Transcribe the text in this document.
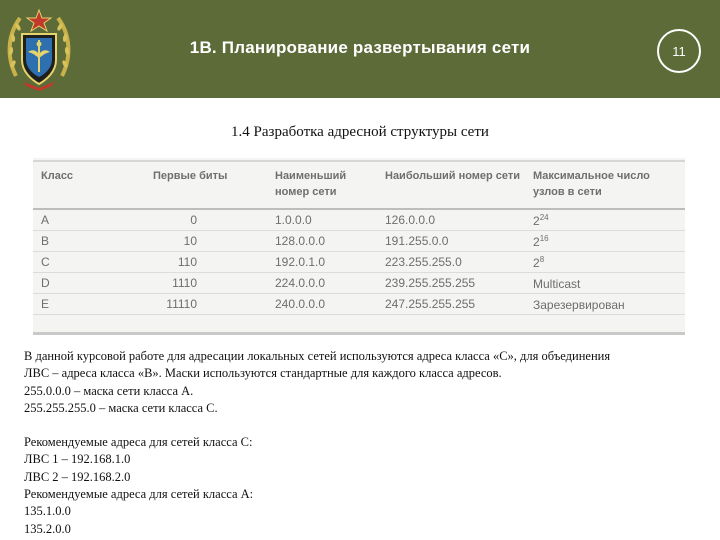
1В. Планирование развертывания сети	11
1.4 Разработка адресной структуры сети
Класс	Первые биты	Наименьший номер сети	Наибольший номер сети	Максимальное число узлов в сети
A	0	1.0.0.0	126.0.0.0	$2^{24}$
B	10	128.0.0.0	191.255.0.0	$2^{16}$
C	110	192.0.1.0	223.255.255.0	$2^8$
D	1110	224.0.0.0	239.255.255.255	Multicast
E	11110	240.0.0.0	247.255.255.255	Зарезервирован

В данной курсовой работе для адресации локальных сетей используются адреса класса «С», для объединения

ЛВС – адреса класса «В». Маски используются стандартные для каждого класса адресов.

255.0.0.0 – маска сети класса А.

255.255.255.0 – маска сети класса С.

Рекомендуемые адреса для сетей класса С:

ЛВС 1 – 192.168.1.0

ЛВС 2 – 192.168.2.0

Рекомендуемые адреса для сетей класса А:

135.1.0.0

135.2.0.0
